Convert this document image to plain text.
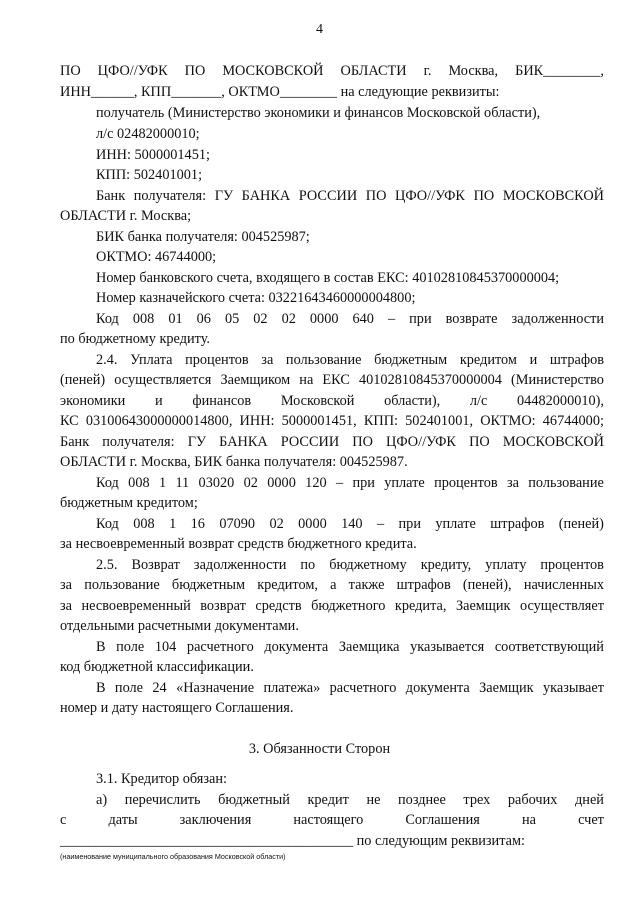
4
ПО ЦФО//УФК ПО МОСКОВСКОЙ ОБЛАСТИ г. Москва, БИК________,
ИНН______, КПП_______, ОКТМО________ на следующие реквизиты:
получатель (Министерство экономики и финансов Московской области),
л/с 02482000010;
ИНН: 5000001451;
КПП: 502401001;
Банк получателя: ГУ БАНКА РОССИИ ПО ЦФО//УФК ПО МОСКОВСКОЙ
ОБЛАСТИ г. Москва;
БИК банка получателя: 004525987;
ОКТМО: 46744000;
Номер банковского счета, входящего в состав ЕКС: 40102810845370000004;
Номер казначейского счета: 03221643460000004800;
Код 008 01 06 05 02 02 0000 640 – при возврате задолженности
по бюджетному кредиту.
2.4. Уплата процентов за пользование бюджетным кредитом и штрафов
(пеней) осуществляется Заемщиком на ЕКС 40102810845370000004 (Министерство
экономики и финансов Московской области), л/с 04482000010),
КС 03100643000000014800, ИНН: 5000001451, КПП: 502401001, ОКТМО: 46744000;
Банк получателя: ГУ БАНКА РОССИИ ПО ЦФО//УФК ПО МОСКОВСКОЙ
ОБЛАСТИ г. Москва, БИК банка получателя: 004525987.
Код 008 1 11 03020 02 0000 120 – при уплате процентов за пользование
бюджетным кредитом;
Код 008 1 16 07090 02 0000 140 – при уплате штрафов (пеней)
за несвоевременный возврат средств бюджетного кредита.
2.5. Возврат задолженности по бюджетному кредиту, уплату процентов
за пользование бюджетным кредитом, а также штрафов (пеней), начисленных
за несвоевременный возврат средств бюджетного кредита, Заемщик осуществляет
отдельными расчетными документами.
В поле 104 расчетного документа Заемщика указывается соответствующий
код бюджетной классификации.
В поле 24 «Назначение платежа» расчетного документа Заемщик указывает
номер и дату настоящего Соглашения.
3. Обязанности Сторон
3.1. Кредитор обязан:
а) перечислить бюджетный кредит не позднее трех рабочих дней
с	даты	заключения	настоящего	Соглашения	на	счет
_________________________________________ по следующим реквизитам:
(наименование муниципального образования Московской области)
